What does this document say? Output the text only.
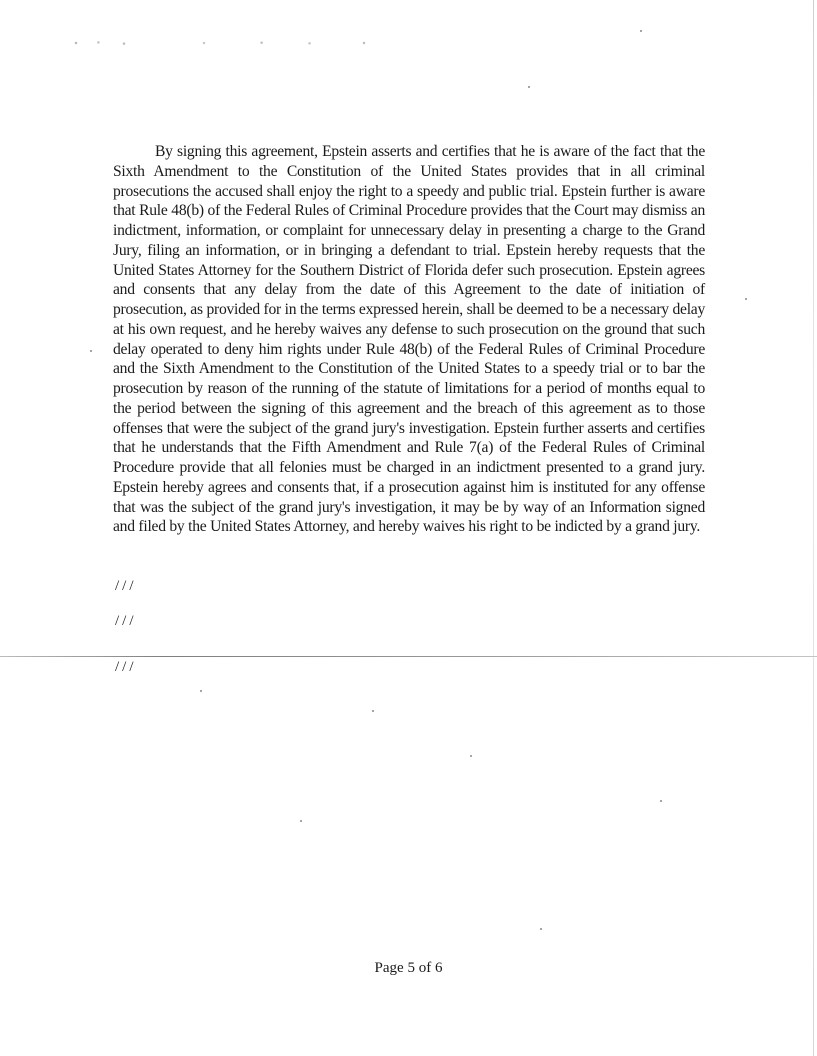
By signing this agreement, Epstein asserts and certifies that he is aware of the fact that the Sixth Amendment to the Constitution of the United States provides that in all criminal prosecutions the accused shall enjoy the right to a speedy and public trial. Epstein further is aware that Rule 48(b) of the Federal Rules of Criminal Procedure provides that the Court may dismiss an indictment, information, or complaint for unnecessary delay in presenting a charge to the Grand Jury, filing an information, or in bringing a defendant to trial. Epstein hereby requests that the United States Attorney for the Southern District of Florida defer such prosecution. Epstein agrees and consents that any delay from the date of this Agreement to the date of initiation of prosecution, as provided for in the terms expressed herein, shall be deemed to be a necessary delay at his own request, and he hereby waives any defense to such prosecution on the ground that such delay operated to deny him rights under Rule 48(b) of the Federal Rules of Criminal Procedure and the Sixth Amendment to the Constitution of the United States to a speedy trial or to bar the prosecution by reason of the running of the statute of limitations for a period of months equal to the period between the signing of this agreement and the breach of this agreement as to those offenses that were the subject of the grand jury's investigation. Epstein further asserts and certifies that he understands that the Fifth Amendment and Rule 7(a) of the Federal Rules of Criminal Procedure provide that all felonies must be charged in an indictment presented to a grand jury. Epstein hereby agrees and consents that, if a prosecution against him is instituted for any offense that was the subject of the grand jury's investigation, it may be by way of an Information signed and filed by the United States Attorney, and hereby waives his right to be indicted by a grand jury.

///

///

///

Page 5 of 6
